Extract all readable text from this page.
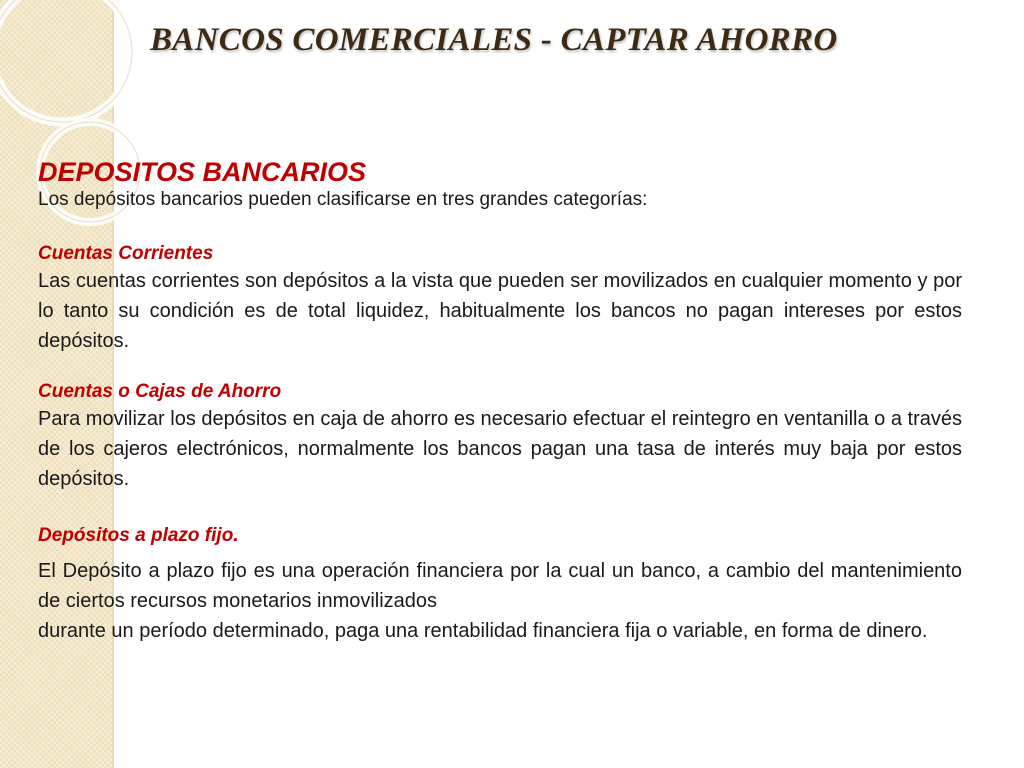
BANCOS COMERCIALES - CAPTAR AHORRO
DEPOSITOS BANCARIOS

Los depósitos bancarios pueden clasificarse en tres grandes categorías:

Cuentas Corrientes

Las cuentas corrientes son depósitos a la vista que pueden ser movilizados en cualquier momento y por lo tanto su condición es de total liquidez, habitualmente los bancos no pagan intereses por estos depósitos.

Cuentas o Cajas de Ahorro

Para movilizar los depósitos en caja de ahorro es necesario efectuar el reintegro en ventanilla o a través de los cajeros electrónicos, normalmente los bancos pagan una tasa de interés muy baja por estos depósitos.

Depósitos a plazo fijo.

El Depósito a plazo fijo es una operación financiera por la cual un banco, a cambio del mantenimiento de ciertos recursos monetarios inmovilizados

durante un período determinado, paga una rentabilidad financiera fija o variable, en forma de dinero.
